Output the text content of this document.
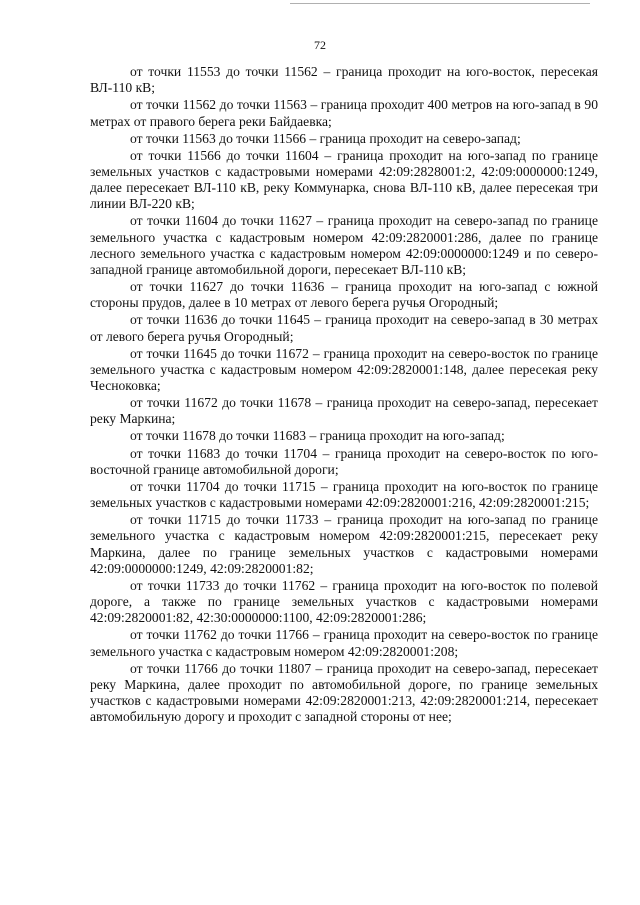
72

от точки 11553 до точки 11562 – граница проходит на юго-восток, пересекая ВЛ-110 кВ;

от точки 11562 до точки 11563 – граница проходит 400 метров на юго-запад в 90 метрах от правого берега реки Байдаевка;

от точки 11563 до точки 11566 – граница проходит на северо-запад;

от точки 11566 до точки 11604 – граница проходит на юго-запад по границе земельных участков с кадастровыми номерами 42:09:2828001:2, 42:09:0000000:1249, далее пересекает ВЛ-110 кВ, реку Коммунарка, снова ВЛ-110 кВ, далее пересекая три линии ВЛ-220 кВ;

от точки 11604 до точки 11627 – граница проходит на северо-запад по границе земельного участка с кадастровым номером 42:09:2820001:286, далее по границе лесного земельного участка с кадастровым номером 42:09:0000000:1249 и по северо-западной границе автомобильной дороги, пересекает ВЛ-110 кВ;

от точки 11627 до точки 11636 – граница проходит на юго-запад с южной стороны прудов, далее в 10 метрах от левого берега ручья Огородный;

от точки 11636 до точки 11645 – граница проходит на северо-запад в 30 метрах от левого берега ручья Огородный;

от точки 11645 до точки 11672 – граница проходит на северо-восток по границе земельного участка с кадастровым номером 42:09:2820001:148, далее пересекая реку Чесноковка;

от точки 11672 до точки 11678 – граница проходит на северо-запад, пересекает реку Маркина;

от точки 11678 до точки 11683 – граница проходит на юго-запад;

от точки 11683 до точки 11704 – граница проходит на северо-восток по юго-восточной границе автомобильной дороги;

от точки 11704 до точки 11715 – граница проходит на юго-восток по границе земельных участков с кадастровыми номерами 42:09:2820001:216, 42:09:2820001:215;

от точки 11715 до точки 11733 – граница проходит на юго-запад по границе земельного участка с кадастровым номером 42:09:2820001:215, пересекает реку Маркина, далее по границе земельных участков с кадастровыми номерами 42:09:0000000:1249, 42:09:2820001:82;

от точки 11733 до точки 11762 – граница проходит на юго-восток по полевой дороге, а также по границе земельных участков с кадастровыми номерами 42:09:2820001:82, 42:30:0000000:1100, 42:09:2820001:286;

от точки 11762 до точки 11766 – граница проходит на северо-восток по границе земельного участка с кадастровым номером 42:09:2820001:208;

от точки 11766 до точки 11807 – граница проходит на северо-запад, пересекает реку Маркина, далее проходит по автомобильной дороге, по границе земельных участков с кадастровыми номерами 42:09:2820001:213, 42:09:2820001:214, пересекает автомобильную дорогу и проходит с западной стороны от нее;
